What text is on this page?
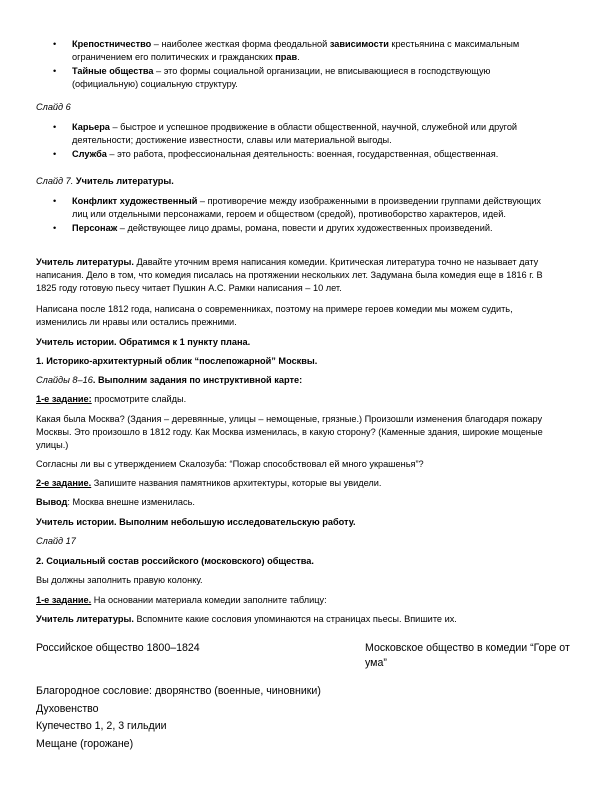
• Крепостничество – наиболее жесткая форма феодальной зависимости крестьянина с максимальным ограничением его политических и гражданских прав.
• Тайные общества – это формы социальной организации, не вписывающиеся в господствующую (официальную) социальную структуру.
Слайд 6
• Карьера – быстрое и успешное продвижение в области общественной, научной, служебной или другой деятельности; достижение известности, славы или материальной выгоды.
• Служба – это работа, профессиональная деятельность: военная, государственная, общественная.
Слайд 7. Учитель литературы.
• Конфликт художественный – противоречие между изображенными в произведении группами действующих лиц или отдельными персонажами, героем и обществом (средой), противоборство характеров, идей.
• Персонаж – действующее лицо драмы, романа, повести и других художественных произведений.
Учитель литературы. Давайте уточним время написания комедии. Критическая литература точно не называет дату написания. Дело в том, что комедия писалась на протяжении нескольких лет. Задумана была комедия еще в 1816 г. В 1825 году готовую пьесу читает Пушкин А.С. Рамки написания – 10 лет.
Написана после 1812 года, написана о современниках, поэтому на примере героев комедии мы можем судить, изменились ли нравы или остались прежними.
Учитель истории. Обратимся к 1 пункту плана.
1. Историко-архитектурный облик “послепожарной” Москвы.
Слайды 8–16. Выполним задания по инструктивной карте:
1-е задание: просмотрите слайды.
Какая была Москва? (Здания – деревянные, улицы – немощеные, грязные.) Произошли изменения благодаря пожару Москвы. Это произошло в 1812 году. Как Москва изменилась, в какую сторону? (Каменные здания, широкие мощеные улицы.)
Согласны ли вы с утверждением Скалозуба: “Пожар способствовал ей много украшенья”?
2-е задание. Запишите названия памятников архитектуры, которые вы увидели.
Вывод: Москва внешне изменилась.
Учитель истории. Выполним небольшую исследовательскую работу.
Слайд 17
2. Социальный состав российского (московского) общества.
Вы должны заполнить правую колонку.
1-е задание. На основании материала комедии заполните таблицу:
Учитель литературы. Вспомните какие сословия упоминаются на страницах пьесы. Впишите их.
Российское общество 1800–1824	Московское общество в комедии “Горе от ума”
Благородное сословие: дворянство (военные, чиновники)
Духовенство
Купечество 1, 2, 3 гильдии
Мещане (горожане)
